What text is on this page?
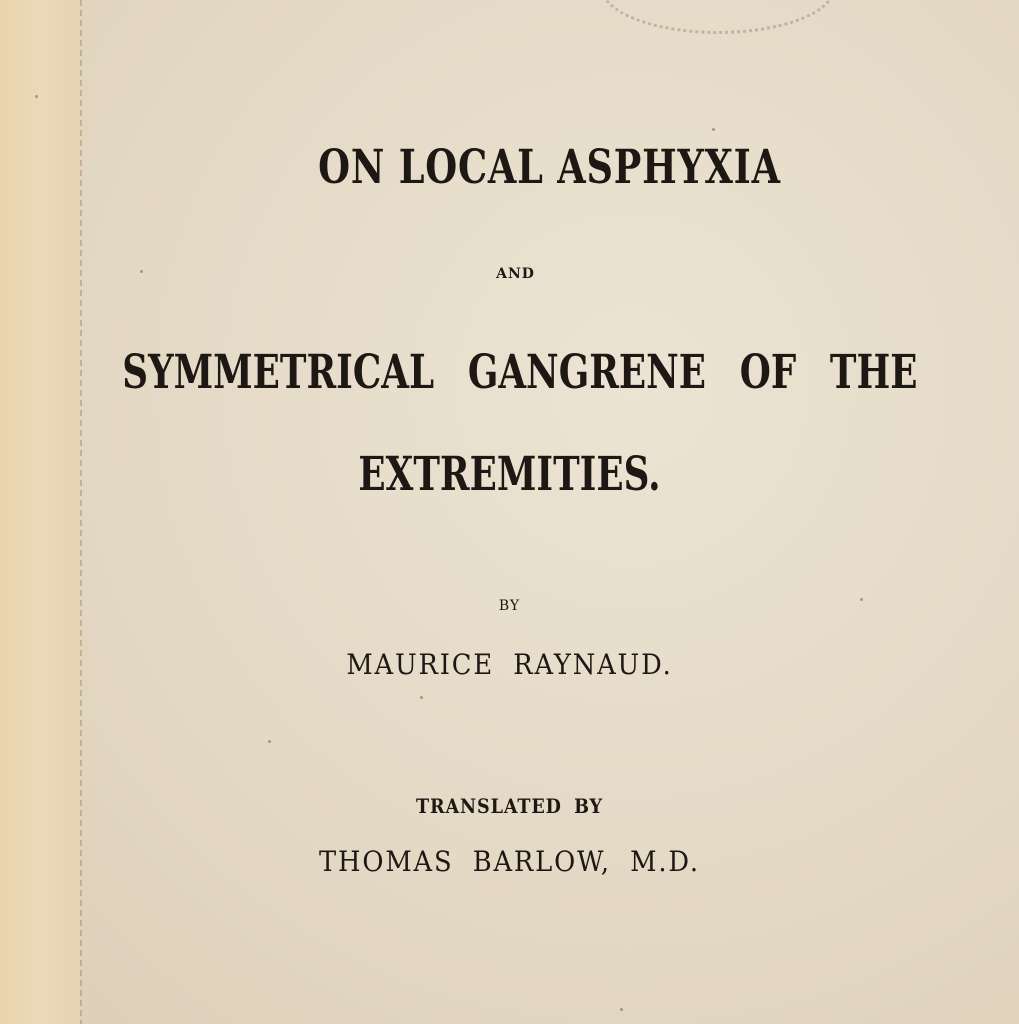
ON LOCAL ASPHYXIA

AND

SYMMETRICAL GANGRENE OF THE

EXTREMITIES.

BY

MAURICE RAYNAUD.

TRANSLATED BY

THOMAS BARLOW, M.D.
